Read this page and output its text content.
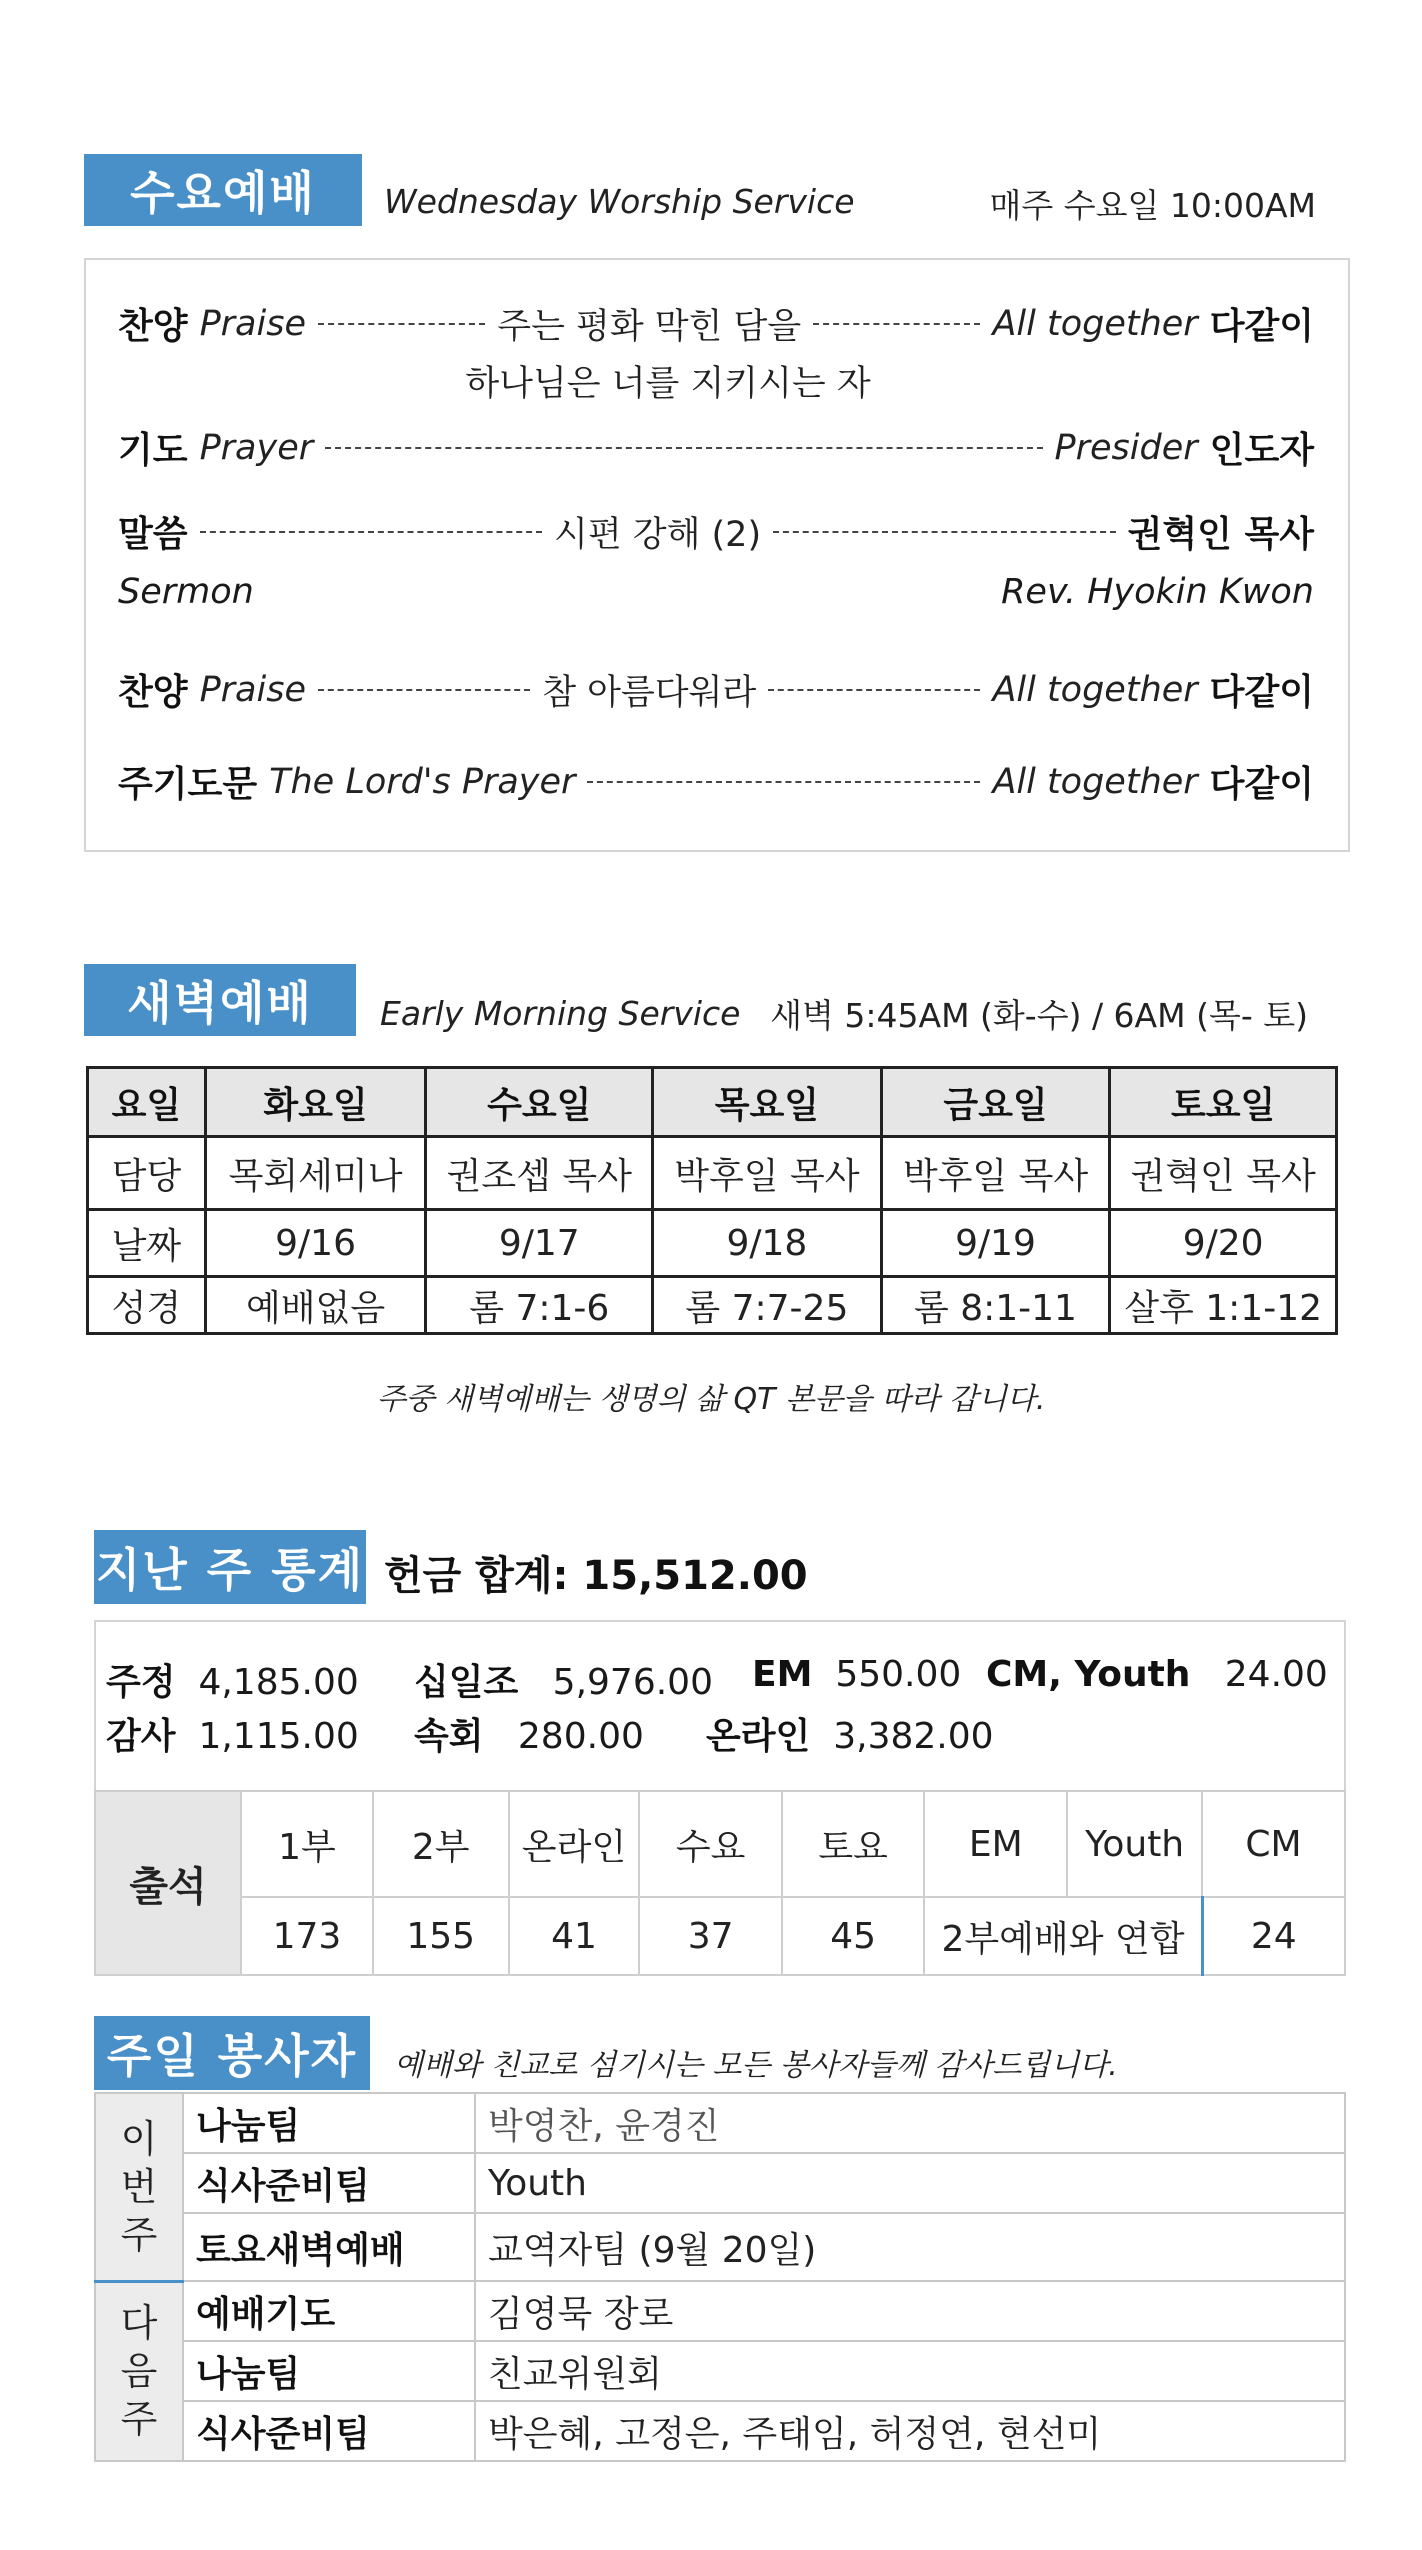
수요예배	Wednesday Worship Service	매주 수요일 10:00AM
찬양 Praise	주는 평화 막힌 담을	All together 다같이
하나님은 너를 지키시는 자
기도 Prayer	Presider 인도자
말씀	시편 강해 (2)	권혁인 목사
Sermon	Rev. Hyokin Kwon
찬양 Praise	참 아름다워라	All together 다같이
주기도문 The Lord's Prayer	All together 다같이
새벽예배	Early Morning Service 새벽 5:45AM (화-수) / 6AM (목- 토)
요일	화요일	수요일	목요일	금요일	토요일
담당	목회세미나	권조셉 목사	박후일 목사	박후일 목사	권혁인 목사
날짜	9/16	9/17	9/18	9/19	9/20
성경	예배없음	롬 7:1-6	롬 7:7-25	롬 8:1-11	살후 1:1-12
주중 새벽예배는 생명의 삶 QT 본문을 따라 갑니다.
지난 주 통계 헌금 합계: 15,512.00
주정 4,185.00 십일조 5,976.00 EM 550.00 CM, Youth 24.00
감사 1,115.00 속회 280.00 온라인 3,382.00
출석	1부	2부	온라인	수요	토요	EM	Youth	CM
	173	155	41	37	45	2부예배와 연합		24
주일 봉사자	예배와 친교로 섬기시는 모든 봉사자들께 감사드립니다.
이
번
주	나눔팀	박영찬, 윤경진
	식사준비팀	Youth
	토요새벽예배	교역자팀 (9월 20일)
다
음
주	예배기도	김영묵 장로
	나눔팀	친교위원회
	식사준비팀	박은혜, 고정은, 주태임, 허정연, 현선미
